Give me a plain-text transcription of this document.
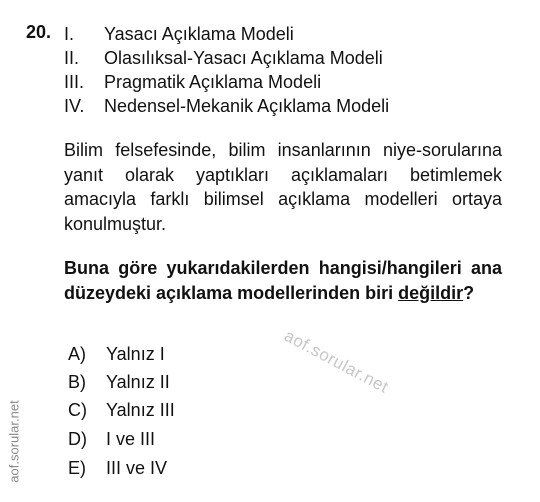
20. I. Yasacı Açıklama Modeli
II. Olasılıksal-Yasacı Açıklama Modeli
III. Pragmatik Açıklama Modeli
IV. Nedensel-Mekanik Açıklama Modeli
Bilim felsefesinde, bilim insanlarının niye-sorularına yanıt olarak yaptıkları açıklamaları betimlemek amacıyla farklı bilimsel açıklama modelleri ortaya konulmuştur.
Buna göre yukarıdakilerden hangisi/hangileri ana düzeydeki açıklama modellerinden biri değildir?
A) Yalnız I
B) Yalnız II
C) Yalnız III
D) I ve III
E) III ve IV
aof.sorular.net
aof.sorular.net
